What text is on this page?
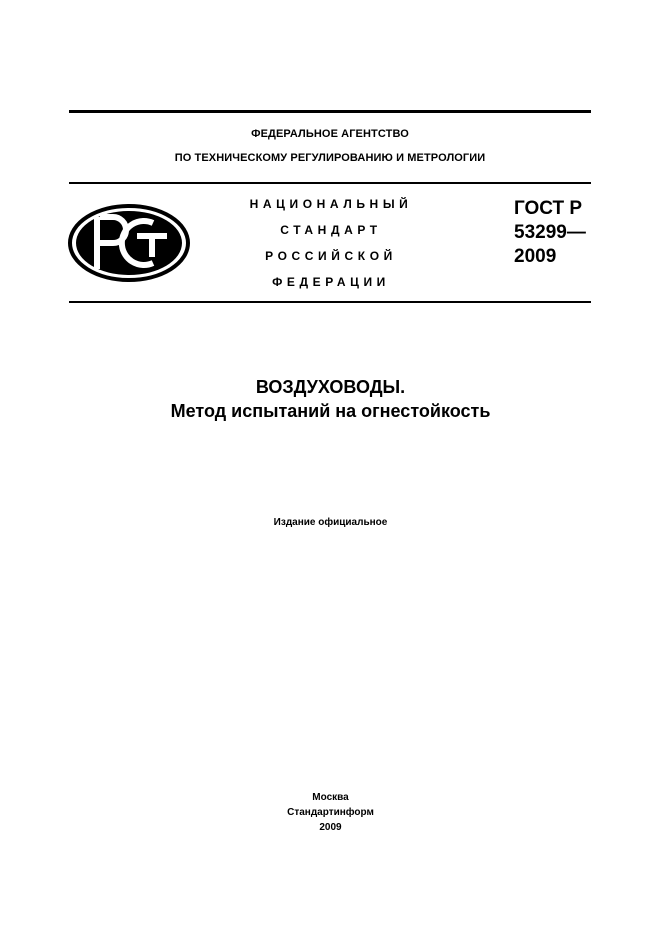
ФЕДЕРАЛЬНОЕ АГЕНТСТВО
ПО ТЕХНИЧЕСКОМУ РЕГУЛИРОВАНИЮ И МЕТРОЛОГИИ
НАЦИОНАЛЬНЫЙ
СТАНДАРТ
РОССИЙСКОЙ
ФЕДЕРАЦИИ
ГОСТ Р
53299—
2009
ВОЗДУХОВОДЫ.
Метод испытаний на огнестойкость
Издание официальное
Москва
Стандартинформ
2009
